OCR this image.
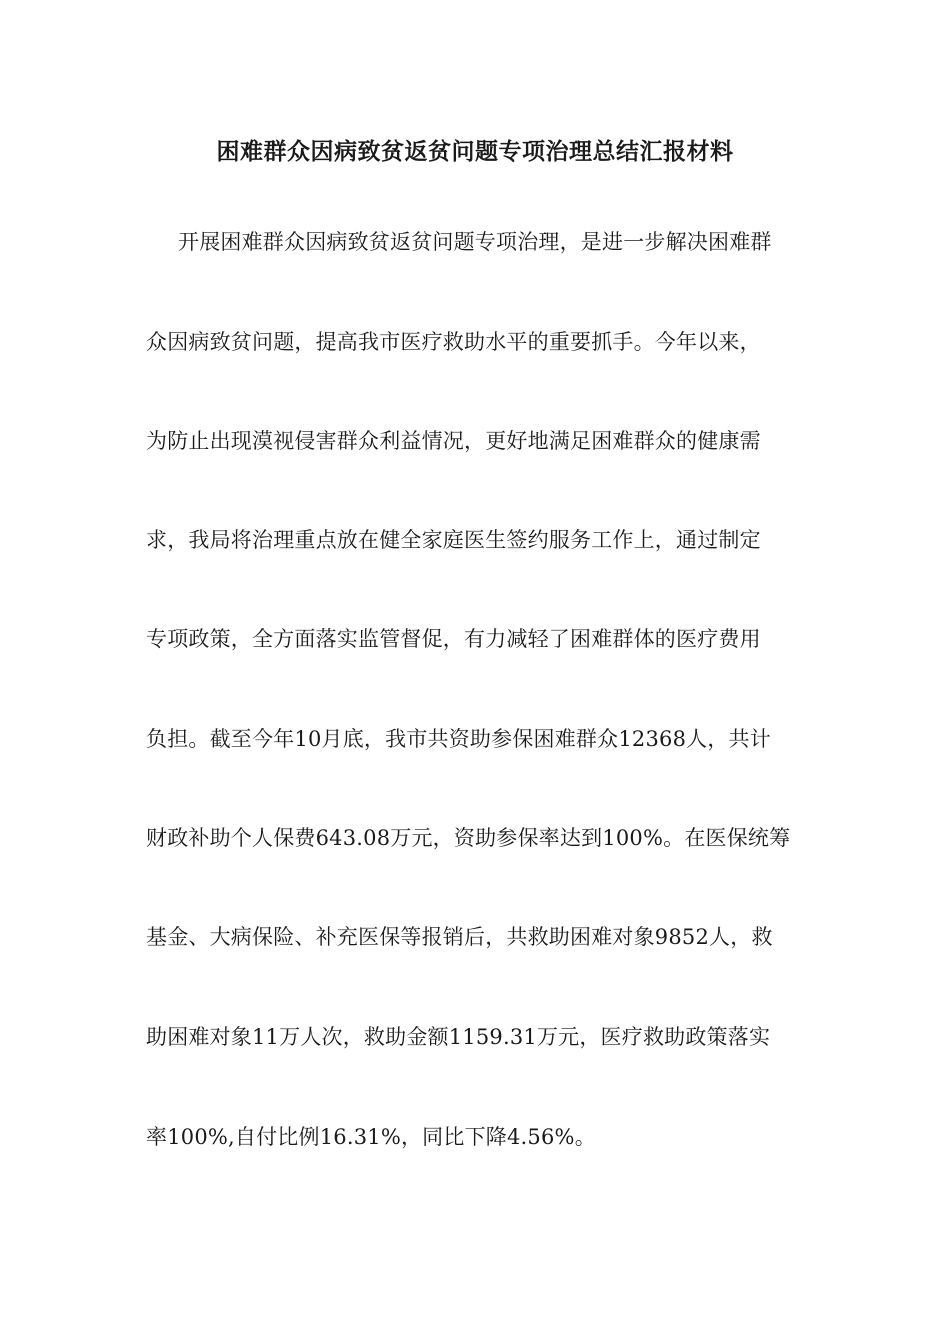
困难群众因病致贫返贫问题专项治理总结汇报材料
开展困难群众因病致贫返贫问题专项治理，是进一步解决困难群
众因病致贫问题，提高我市医疗救助水平的重要抓手。今年以来，
为防止出现漠视侵害群众利益情况，更好地满足困难群众的健康需
求，我局将治理重点放在健全家庭医生签约服务工作上，通过制定
专项政策，全方面落实监管督促，有力减轻了困难群体的医疗费用
负担。截至今年10月底，我市共资助参保困难群众12368人，共计
财政补助个人保费643.08万元，资助参保率达到100%。在医保统筹
基金、大病保险、补充医保等报销后，共救助困难对象9852人，救
助困难对象11万人次，救助金额1159.31万元，医疗救助政策落实
率100%,自付比例16.31%，同比下降4.56%。
